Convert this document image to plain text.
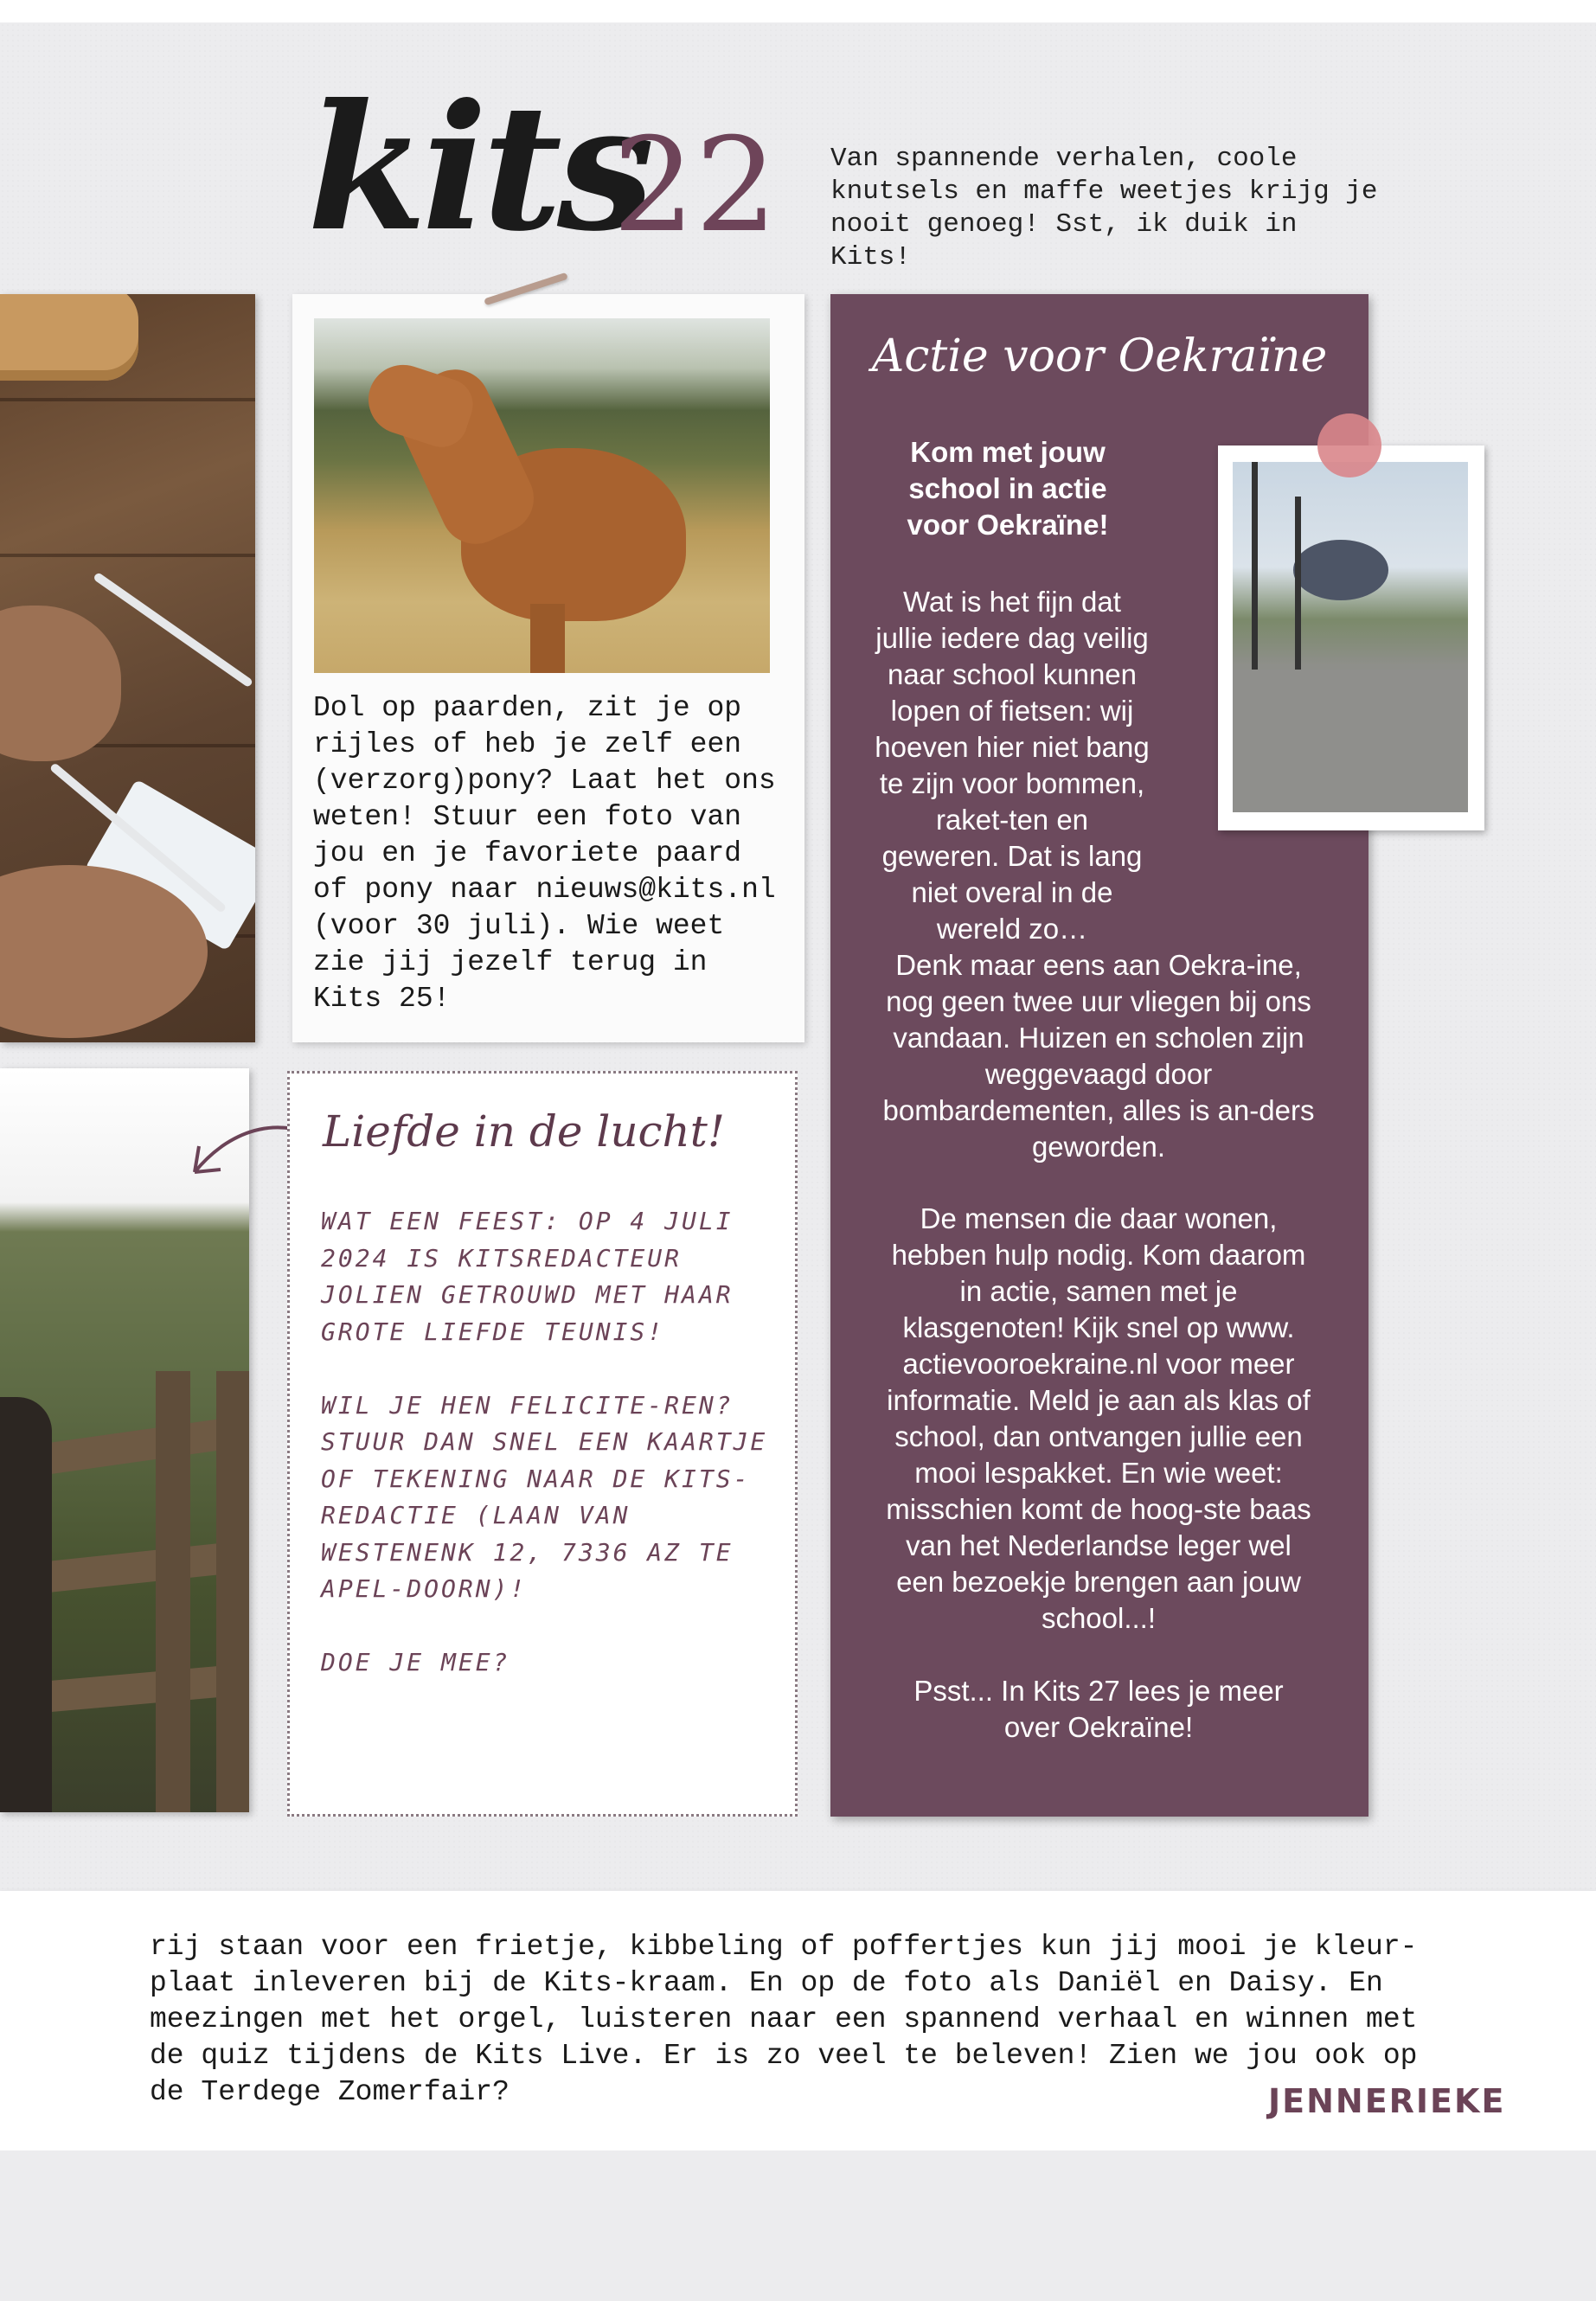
kits
22 Van spannende verhalen, coole knutsels en maffe weetjes krijg je nooit genoeg! Sst, ik duik in Kits!
Dol op paarden, zit je op rijles of heb je zelf een (verzorg)pony? Laat het ons weten! Stuur een foto van jou en je favoriete paard of pony naar nieuws@kits.nl (voor 30 juli). Wie weet zie jij jezelf terug in Kits 25!
Liefde in de lucht!
WAT EEN FEEST: OP 4 JULI 2024 IS KITSREDACTEUR JOLIEN GETROUWD MET HAAR GROTE LIEFDE TEUNIS!

WIL JE HEN FELICITE-REN? STUUR DAN SNEL EEN KAARTJE OF TEKENING NAAR DE KITS-REDACTIE (LAAN VAN WESTENENK 12, 7336 AZ TE APEL-DOORN)!

DOE JE MEE?
Actie voor Oekraïne
Kom met jouw school in actie voor Oekraïne!
Wat is het fijn dat jullie iedere dag veilig naar school kunnen lopen of fietsen: wij hoeven hier niet bang te zijn voor bommen, raket-ten en geweren. Dat is lang niet overal in de wereld zo…
Denk maar eens aan Oekra-ine, nog geen twee uur vliegen bij ons vandaan. Huizen en scholen zijn weggevaagd door bombardementen, alles is an-ders geworden.
De mensen die daar wonen, hebben hulp nodig. Kom daarom in actie, samen met je klasgenoten! Kijk snel op www. actievooroekraine.nl voor meer informatie. Meld je aan als klas of school, dan ontvangen jullie een mooi lespakket. En wie weet: misschien komt de hoog-ste baas van het Nederlandse leger wel een bezoekje brengen aan jouw school...!
Psst... In Kits 27 lees je meer over Oekraïne!
rij staan voor een frietje, kibbeling of poffertjes kun jij mooi je kleur-plaat inleveren bij de Kits-kraam. En op de foto als Daniël en Daisy. En meezingen met het orgel, luisteren naar een spannend verhaal en winnen met de quiz tijdens de Kits Live. Er is zo veel te beleven! Zien we jou ook op de Terdege Zomerfair?	JENNERIEKE
